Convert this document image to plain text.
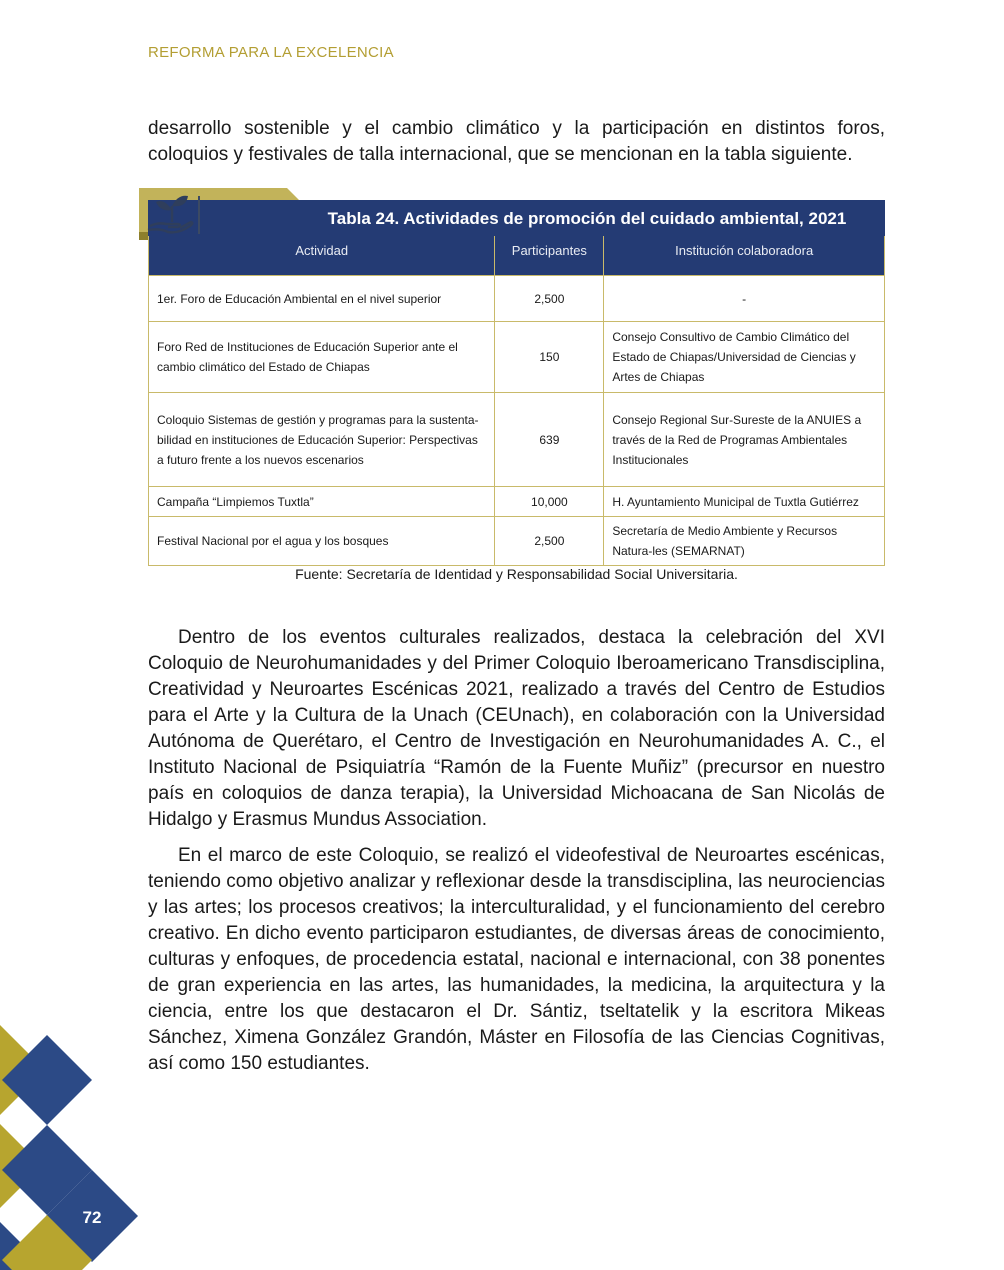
REFORMA PARA LA EXCELENCIA

desarrollo sostenible y el cambio climático y la participación en distintos foros, coloquios y festivales de talla internacional, que se mencionan en la tabla siguiente.

Tabla 24. Actividades de promoción del cuidado ambiental, 2021
Actividad	Participantes	Institución colaboradora

1er. Foro de Educación Ambiental en el nivel superior	2,500	-
Foro Red de Instituciones de Educación Superior ante el cambio climático del Estado de Chiapas	150	Consejo Consultivo de Cambio Climático del Estado de Chiapas/Universidad de Ciencias y Artes de Chiapas
Coloquio Sistemas de gestión y programas para la sustenta-bilidad en instituciones de Educación Superior: Perspectivas a futuro frente a los nuevos escenarios	639	Consejo Regional Sur-Sureste de la ANUIES a través de la Red de Programas Ambientales Institucionales
Campaña “Limpiemos Tuxtla”	10,000	H. Ayuntamiento Municipal de Tuxtla Gutiérrez
Festival Nacional por el agua y los bosques	2,500	Secretaría de Medio Ambiente y Recursos Natura-les (SEMARNAT)
Fuente: Secretaría de Identidad y Responsabilidad Social Universitaria.

Dentro de los eventos culturales realizados, destaca la celebración del XVI Coloquio de Neurohumanidades y del Primer Coloquio Iberoamericano Transdisciplina, Creatividad y Neuroartes Escénicas 2021, realizado a través del Centro de Estudios para el Arte y la Cultura de la Unach (CEUnach), en colaboración con la Universidad Autónoma de Querétaro, el Centro de Investigación en Neurohumanidades A. C., el Instituto Nacional de Psiquiatría “Ramón de la Fuente Muñiz” (precursor en nuestro país en coloquios de danza terapia), la Universidad Michoacana de San Nicolás de Hidalgo y Erasmus Mundus Association.

En el marco de este Coloquio, se realizó el videofestival de Neuroartes escénicas, teniendo como objetivo analizar y reflexionar desde la transdisciplina, las neurociencias y las artes; los procesos creativos; la interculturalidad, y el funcionamiento del cerebro creativo. En dicho evento participaron estudiantes, de diversas áreas de conocimiento, culturas y enfoques, de procedencia estatal, nacional e internacional, con 38 ponentes de gran experiencia en las artes, las humanidades, la medicina, la arquitectura y la ciencia, entre los que destacaron el Dr. Sántiz, tseltatelik y la escritora Mikeas Sánchez, Ximena González Grandón, Máster en Filosofía de las Ciencias Cognitivas, así como 150 estudiantes.

72
